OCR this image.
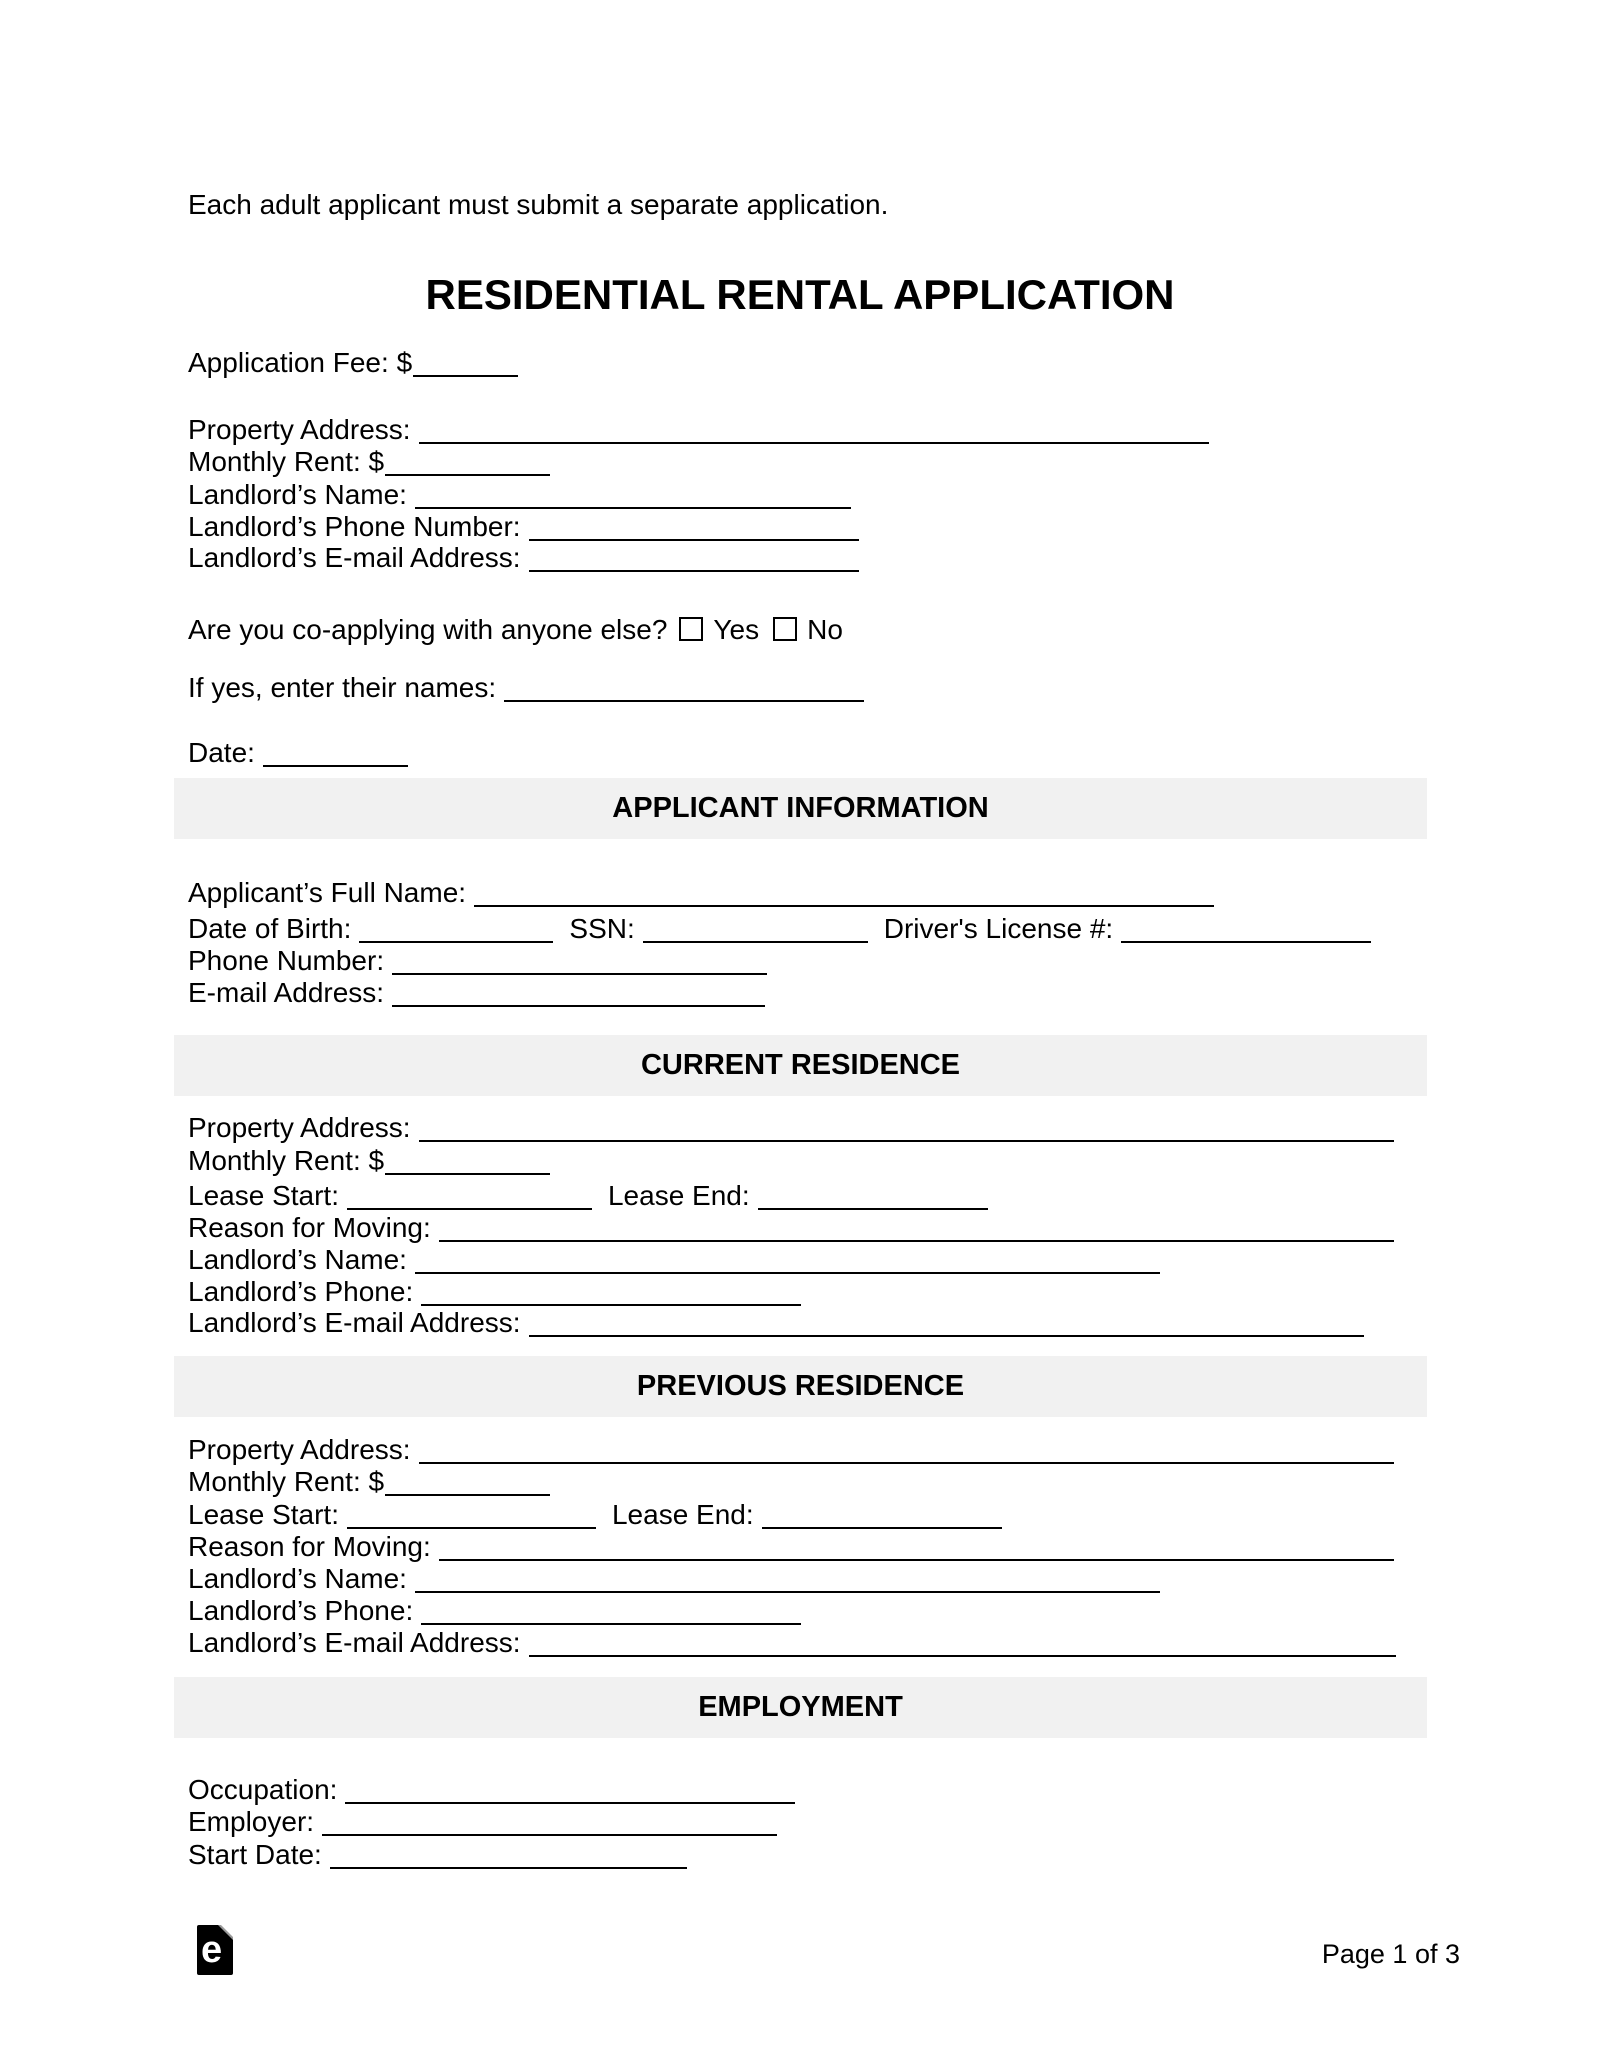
Each adult applicant must submit a separate application.
RESIDENTIAL RENTAL APPLICATION
Application Fee: $
Property Address:
Monthly Rent: $
Landlord’s Name:
Landlord’s Phone Number:
Landlord’s E-mail Address:
Are you co-applying with anyone else? Yes No
If yes, enter their names:
Date:
APPLICANT INFORMATION
Applicant’s Full Name:
Date of Birth:	SSN:	Driver's License #:
Phone Number:
E-mail Address:
CURRENT RESIDENCE
Property Address:
Monthly Rent: $
Lease Start:	Lease End:
Reason for Moving:
Landlord’s Name:
Landlord’s Phone:
Landlord’s E-mail Address:
PREVIOUS RESIDENCE
Property Address:
Monthly Rent: $
Lease Start:	Lease End:
Reason for Moving:
Landlord’s Name:
Landlord’s Phone:
Landlord’s E-mail Address:
EMPLOYMENT
Occupation:
Employer:
Start Date:
e	Page 1 of 3
